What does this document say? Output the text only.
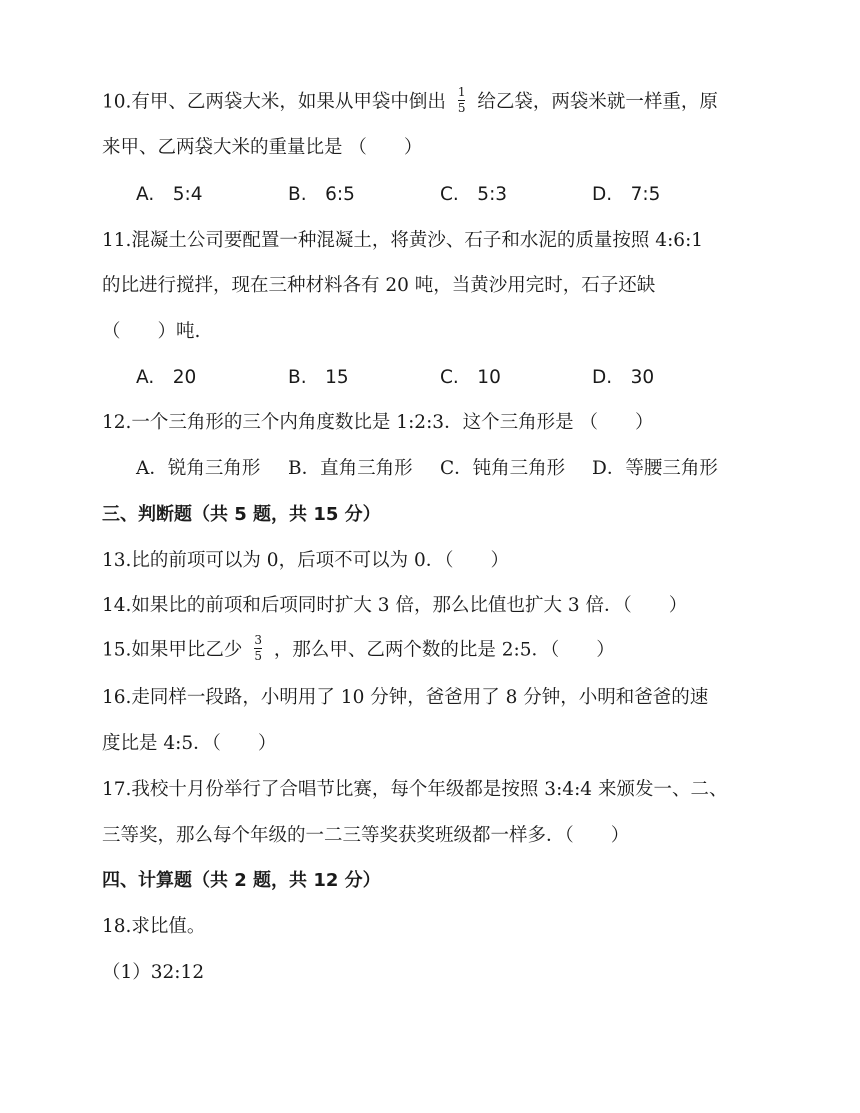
10.有甲、乙两袋大米，如果从甲袋中倒出 $\frac{1}{5}$ 给乙袋，两袋米就一样重，原
来甲、乙两袋大米的重量比是 （　　）
A.　5:4	B.　6:5	C.　5:3	D.　7:5
11.混凝土公司要配置一种混凝土，将黄沙、石子和水泥的质量按照 4:6:1
的比进行搅拌，现在三种材料各有 20 吨，当黄沙用完时，石子还缺
（　　）吨.
A.　20	B.　15	C.　10	D.　30
12.一个三角形的三个内角度数比是 1:2:3．这个三角形是 （　　）
A．锐角三角形 B．直角三角形 C．钝角三角形 D．等腰三角形
三、判断题（共 5 题，共 15 分）
13.比的前项可以为 0，后项不可以为 0．（　　）
14.如果比的前项和后项同时扩大 3 倍，那么比值也扩大 3 倍．（　　）
15.如果甲比乙少 $\frac{3}{5}$ ，那么甲、乙两个数的比是 2:5．（　　）
16.走同样一段路，小明用了 10 分钟，爸爸用了 8 分钟，小明和爸爸的速
度比是 4:5．（　　）
17.我校十月份举行了合唱节比赛，每个年级都是按照 3:4:4 来颁发一、二、
三等奖，那么每个年级的一二三等奖获奖班级都一样多．（　　）
四、计算题（共 2 题，共 12 分）
18.求比值。
（1）32:12
